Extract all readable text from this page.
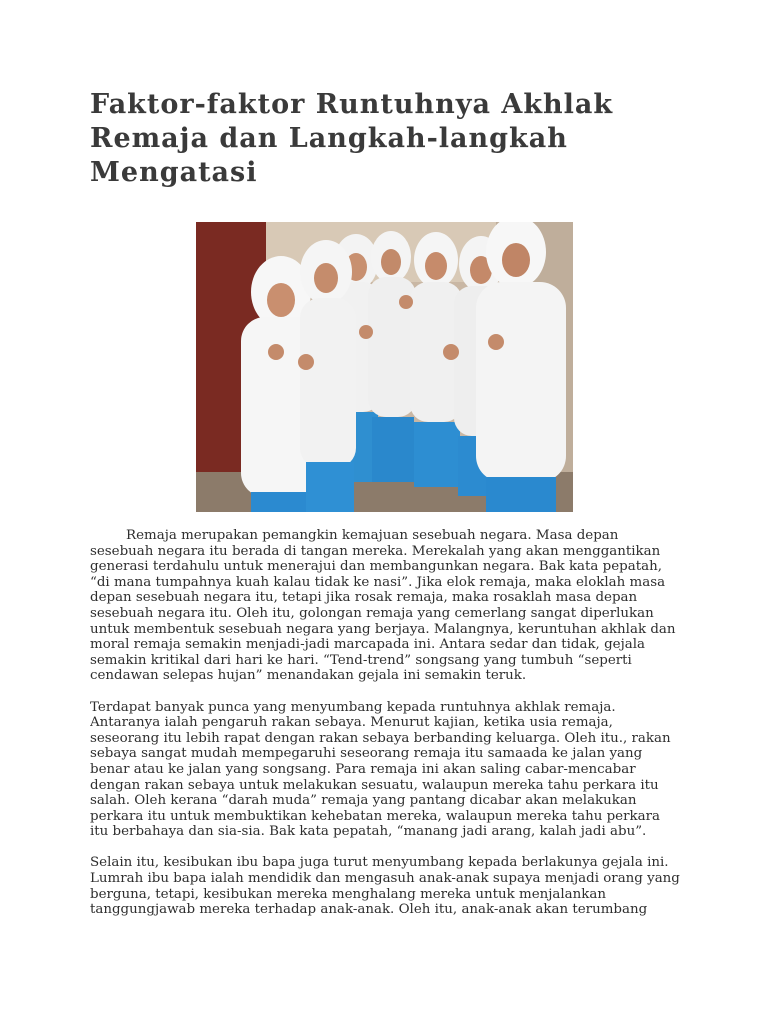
Faktor-faktor Runtuhnya Akhlak Remaja dan Langkah-langkah Mengatasi

Remaja merupakan pemangkin kemajuan sesebuah negara. Masa depan sesebuah negara itu berada di tangan mereka. Merekalah yang akan menggantikan generasi terdahulu untuk menerajui dan membangunkan negara. Bak kata pepatah, “di mana tumpahnya kuah kalau tidak ke nasi”. Jika elok remaja, maka eloklah masa depan sesebuah negara itu, tetapi jika rosak remaja, maka rosaklah masa depan sesebuah negara itu. Oleh itu, golongan remaja yang cemerlang sangat diperlukan untuk membentuk sesebuah negara yang berjaya. Malangnya, keruntuhan akhlak dan moral remaja semakin menjadi-jadi marcapada ini. Antara sedar dan tidak, gejala semakin kritikal dari hari ke hari. “Tend-trend” songsang yang tumbuh “seperti cendawan selepas hujan” menandakan gejala ini semakin teruk.

Terdapat banyak punca yang menyumbang kepada runtuhnya akhlak remaja. Antaranya ialah pengaruh rakan sebaya. Menurut kajian, ketika usia remaja, seseorang itu lebih rapat dengan rakan sebaya berbanding keluarga. Oleh itu., rakan sebaya sangat mudah mempegaruhi seseorang remaja itu samaada ke jalan yang benar atau ke jalan yang songsang. Para remaja ini akan saling cabar-mencabar dengan rakan sebaya untuk melakukan sesuatu, walaupun mereka tahu perkara itu salah. Oleh kerana “darah muda” remaja yang pantang dicabar akan melakukan perkara itu untuk membuktikan kehebatan mereka, walaupun mereka tahu perkara itu berbahaya dan sia-sia. Bak kata pepatah, “manang jadi arang, kalah jadi abu”.

Selain itu, kesibukan ibu bapa juga turut menyumbang kepada berlakunya gejala ini. Lumrah ibu bapa ialah mendidik dan mengasuh anak-anak supaya menjadi orang yang berguna, tetapi, kesibukan mereka menghalang mereka untuk menjalankan tanggungjawab mereka terhadap anak-anak. Oleh itu, anak-anak akan terumbang
